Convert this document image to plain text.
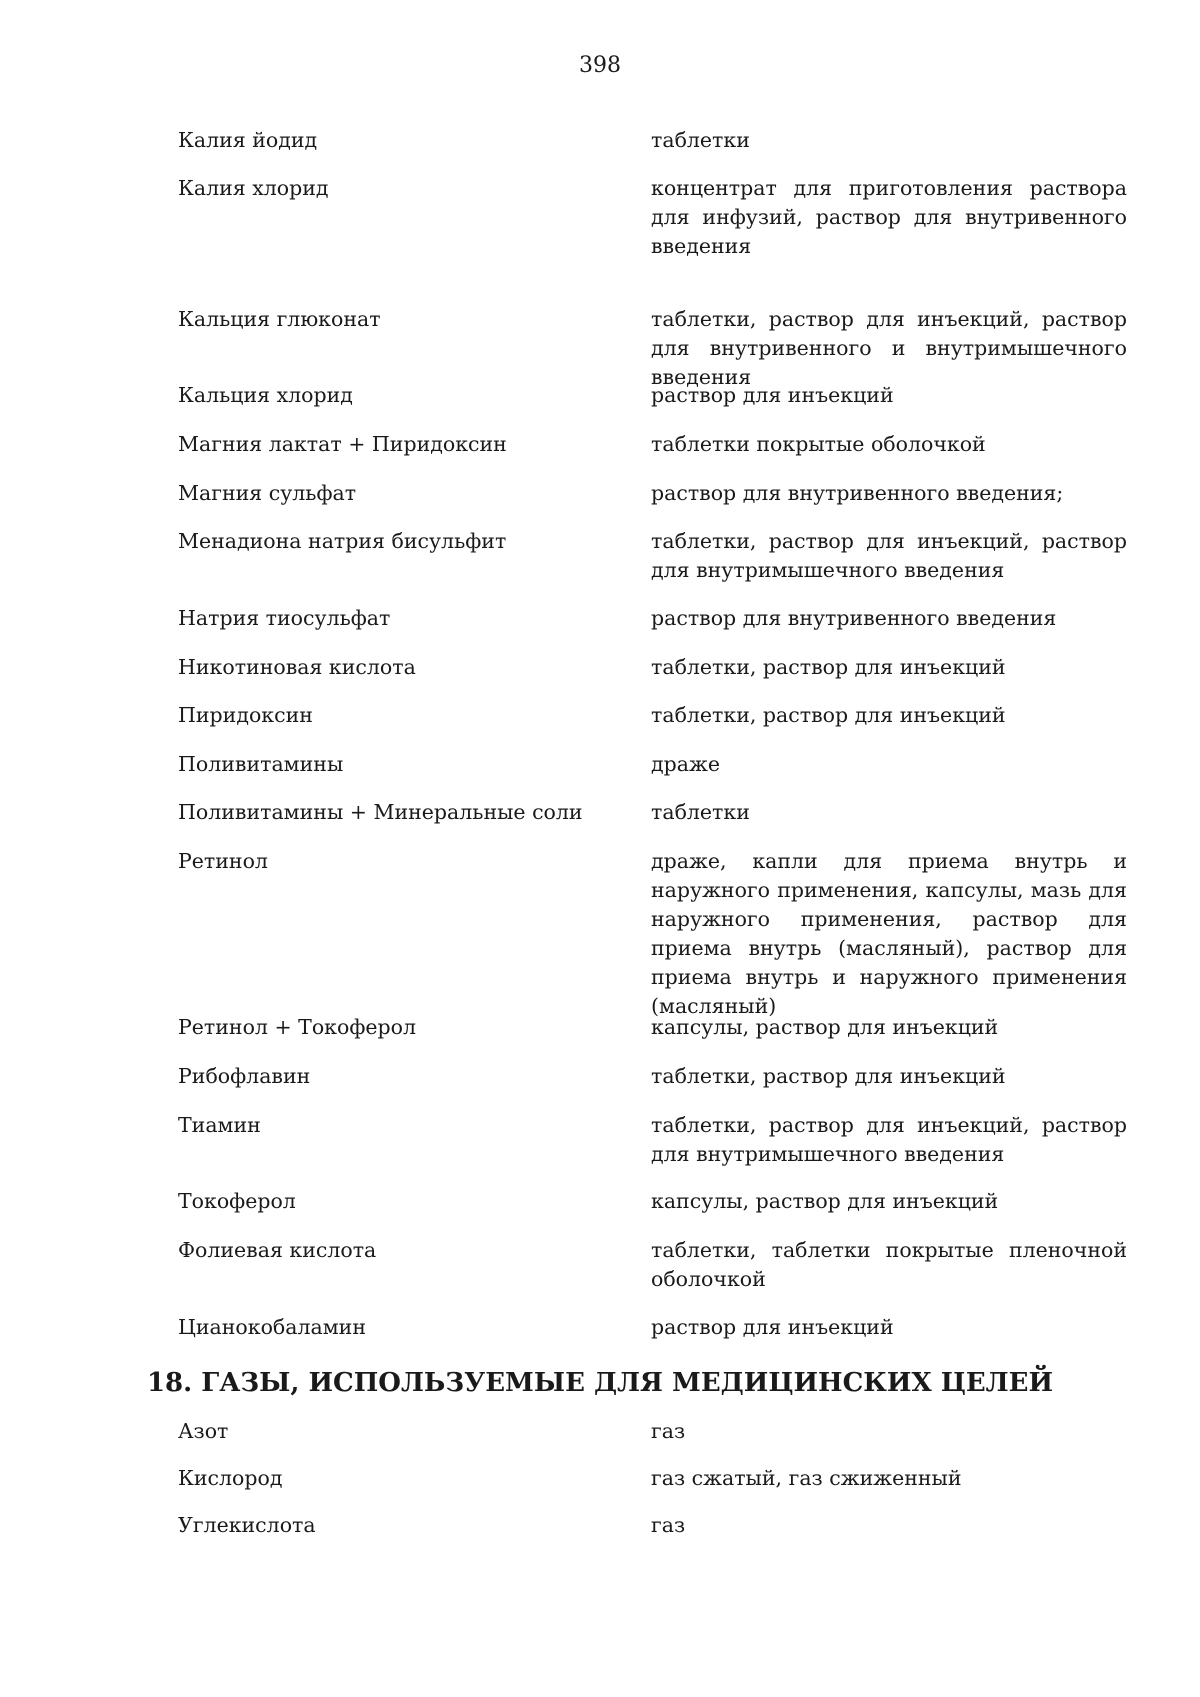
398
Калия йодид	таблетки
Калия хлорид	концентрат для приготовления раствора для инфузий, раствор для внутривенного введения
Кальция глюконат	таблетки, раствор для инъекций, раствор для внутривенного и внутримышечного введения
Кальция хлорид	раствор для инъекций
Магния лактат + Пиридоксин	таблетки покрытые оболочкой
Магния сульфат	раствор для внутривенного введения;
Менадиона натрия бисульфит	таблетки, раствор для инъекций, раствор для внутримышечного введения
Натрия тиосульфат	раствор для внутривенного введения
Никотиновая кислота	таблетки, раствор для инъекций
Пиридоксин	таблетки, раствор для инъекций
Поливитамины	драже
Поливитамины + Минеральные соли	таблетки
Ретинол	драже, капли для приема внутрь и наружного применения, капсулы, мазь для наружного применения, раствор для приема внутрь (масляный), раствор для приема внутрь и наружного применения (масляный)
Ретинол + Токоферол	капсулы, раствор для инъекций
Рибофлавин	таблетки, раствор для инъекций
Тиамин	таблетки, раствор для инъекций, раствор для внутримышечного введения
Токоферол	капсулы, раствор для инъекций
Фолиевая кислота	таблетки, таблетки покрытые пленочной оболочкой
Цианокобаламин	раствор для инъекций
18. ГАЗЫ, ИСПОЛЬЗУЕМЫЕ ДЛЯ МЕДИЦИНСКИХ ЦЕЛЕЙ
Азот	газ
Кислород	газ сжатый, газ сжиженный
Углекислота	газ
